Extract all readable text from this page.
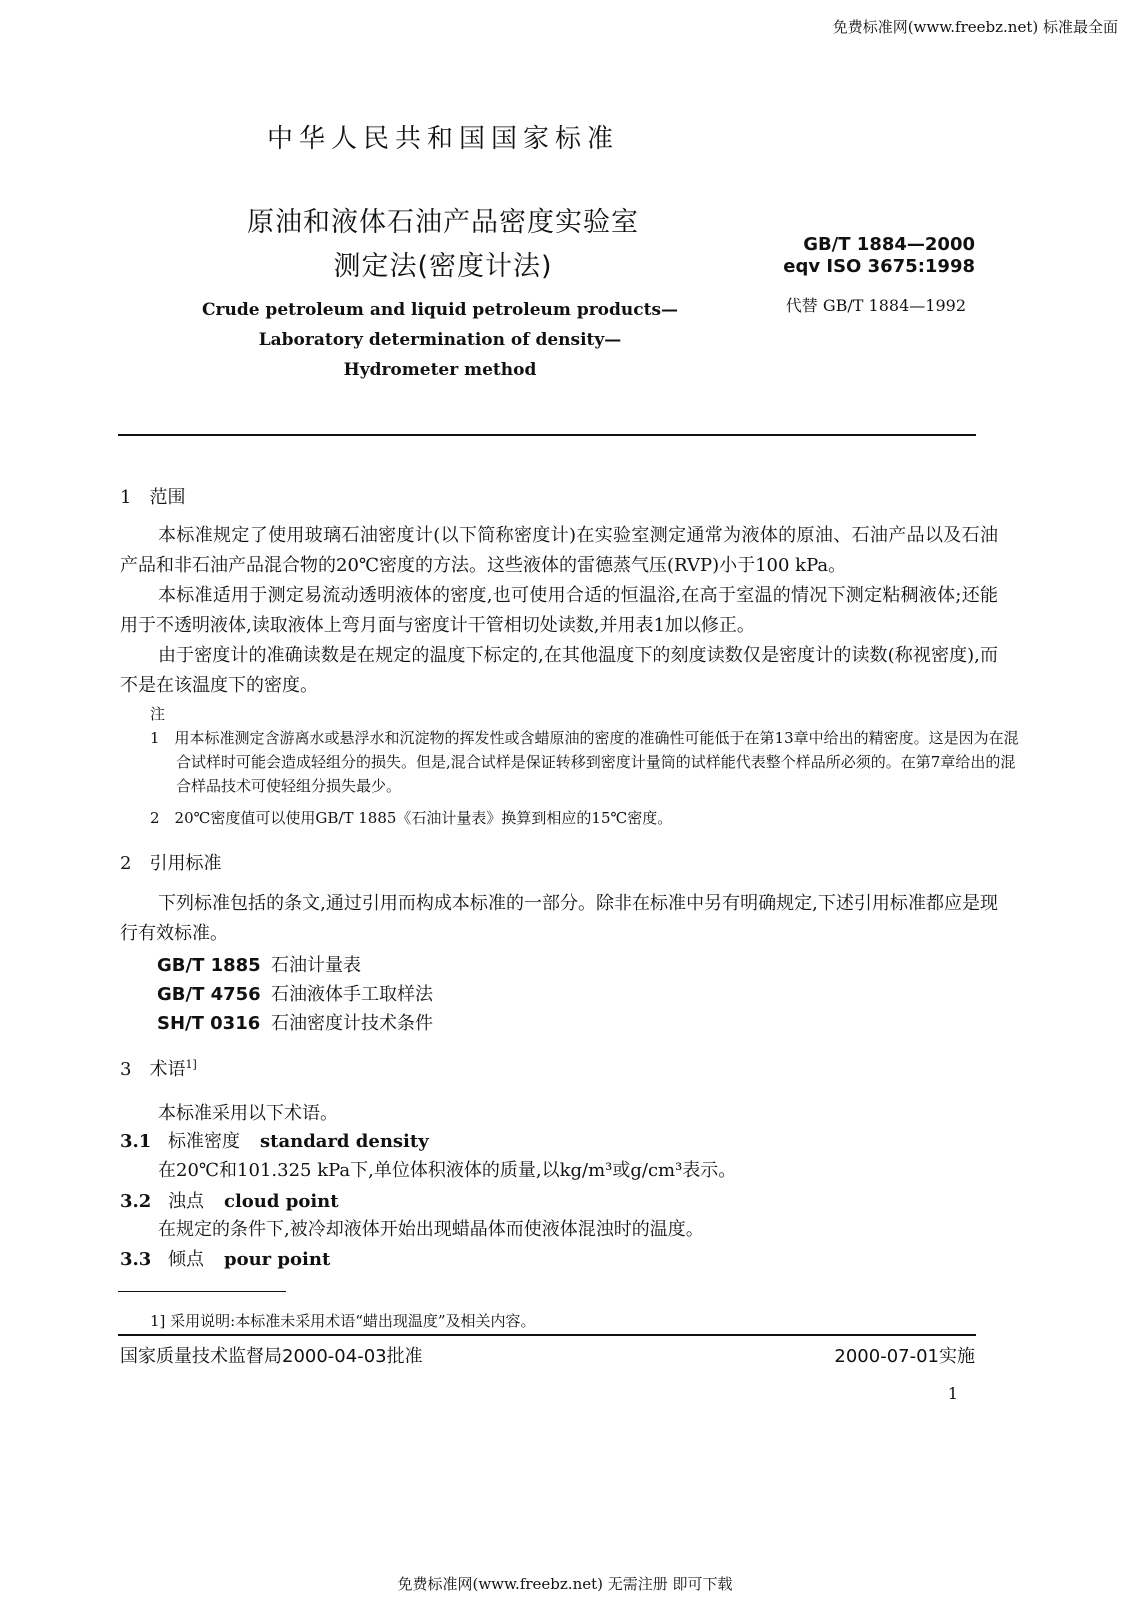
免费标准网(www.freebz.net) 标准最全面
中华人民共和国国家标准
原油和液体石油产品密度实验室
测定法(密度计法)
GB/T 1884—2000
eqv ISO 3675:1998
代替 GB/T 1884—1992
Crude petroleum and liquid petroleum products—
Laboratory determination of density—
Hydrometer method
1　范围
本标准规定了使用玻璃石油密度计(以下简称密度计)在实验室测定通常为液体的原油、石油产品以及石油产品和非石油产品混合物的20℃密度的方法。这些液体的雷德蒸气压(RVP)小于100 kPa。
本标准适用于测定易流动透明液体的密度,也可使用合适的恒温浴,在高于室温的情况下测定粘稠液体;还能用于不透明液体,读取液体上弯月面与密度计干管相切处读数,并用表1加以修正。
由于密度计的准确读数是在规定的温度下标定的,在其他温度下的刻度读数仅是密度计的读数(称视密度),而不是在该温度下的密度。
注
1　用本标准测定含游离水或悬浮水和沉淀物的挥发性或含蜡原油的密度的准确性可能低于在第13章中给出的精密度。这是因为在混合试样时可能会造成轻组分的损失。但是,混合试样是保证转移到密度计量筒的试样能代表整个样品所必须的。在第7章给出的混合样品技术可使轻组分损失最少。
2　20℃密度值可以使用GB/T 1885《石油计量表》换算到相应的15℃密度。
2　引用标准
下列标准包括的条文,通过引用而构成本标准的一部分。除非在标准中另有明确规定,下述引用标准都应是现行有效标准。
GB/T 1885 石油计量表
GB/T 4756 石油液体手工取样法
SH/T 0316 石油密度计技术条件
3　术语$^{1]}$
本标准采用以下术语。
3.1 标准密度 standard density
在20℃和101.325 kPa下,单位体积液体的质量,以kg/m³或g/cm³表示。
3.2 浊点 cloud point
在规定的条件下,被冷却液体开始出现蜡晶体而使液体混浊时的温度。
3.3 倾点 pour point
1] 采用说明:本标准未采用术语“蜡出现温度”及相关内容。
国家质量技术监督局2000-04-03批准	2000-07-01实施
1
免费标准网(www.freebz.net) 无需注册 即可下载
